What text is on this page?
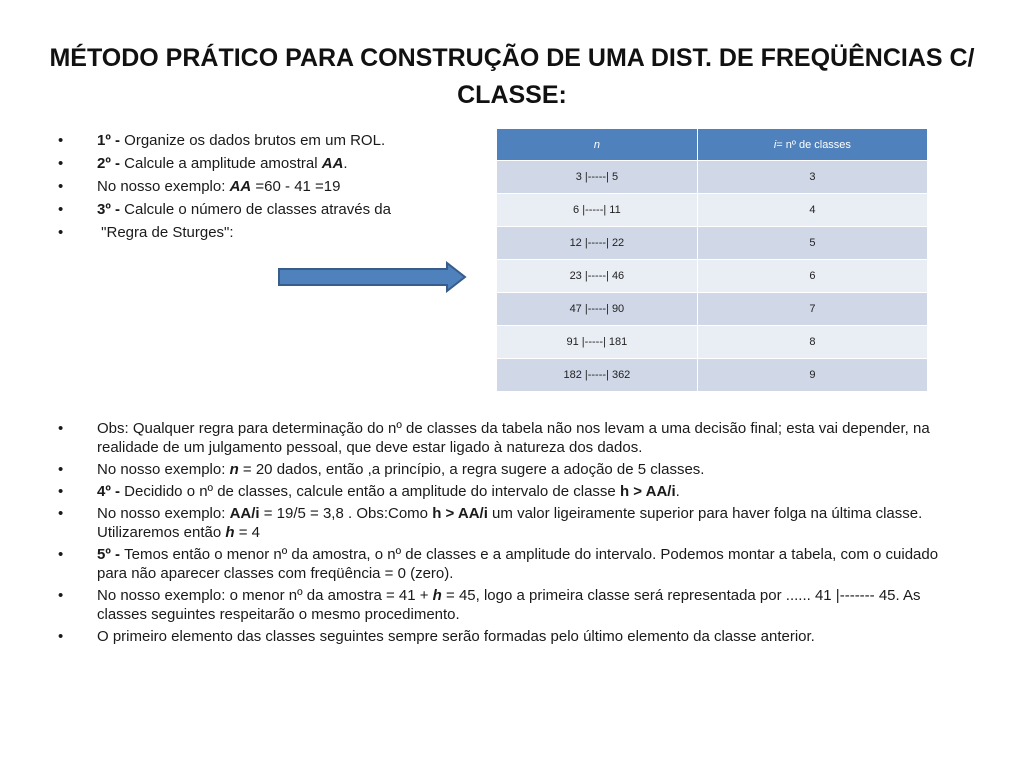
MÉTODO PRÁTICO PARA CONSTRUÇÃO DE UMA DIST. DE FREQÜÊNCIAS C/
CLASSE:
• 1º - Organize os dados brutos em um ROL.
• 2º - Calcule a amplitude amostral AA.
• No nosso exemplo: AA =60 - 41 =19
• 3º - Calcule o número de classes através da
•  "Regra de Sturges":
n	i= nº de classes
3 |-----| 5	3
6 |-----| 11	4
12 |-----| 22	5
23 |-----| 46	6
47 |-----| 90	7
91 |-----| 181	8
182 |-----| 362	9
• Obs: Qualquer regra para determinação do nº de classes da tabela não nos levam a uma decisão final; esta vai depender, na realidade de um julgamento pessoal, que deve estar ligado à natureza dos dados.
• No nosso exemplo: n = 20 dados, então ,a princípio, a regra sugere a adoção de 5 classes.
• 4º - Decidido o nº de classes, calcule então a amplitude do intervalo de classe h > AA/i.
• No nosso exemplo: AA/i = 19/5 = 3,8 . Obs:Como h > AA/i um valor ligeiramente superior para haver folga na última classe. Utilizaremos então h = 4
• 5º - Temos então o menor nº da amostra, o nº de classes e a amplitude do intervalo. Podemos montar a tabela, com o cuidado para não aparecer classes com freqüência = 0 (zero).
• No nosso exemplo: o menor nº da amostra = 41 + h = 45, logo a primeira classe será representada por ...... 41 |------- 45. As classes seguintes respeitarão o mesmo procedimento.
• O primeiro elemento das classes seguintes sempre serão formadas pelo último elemento da classe anterior.
